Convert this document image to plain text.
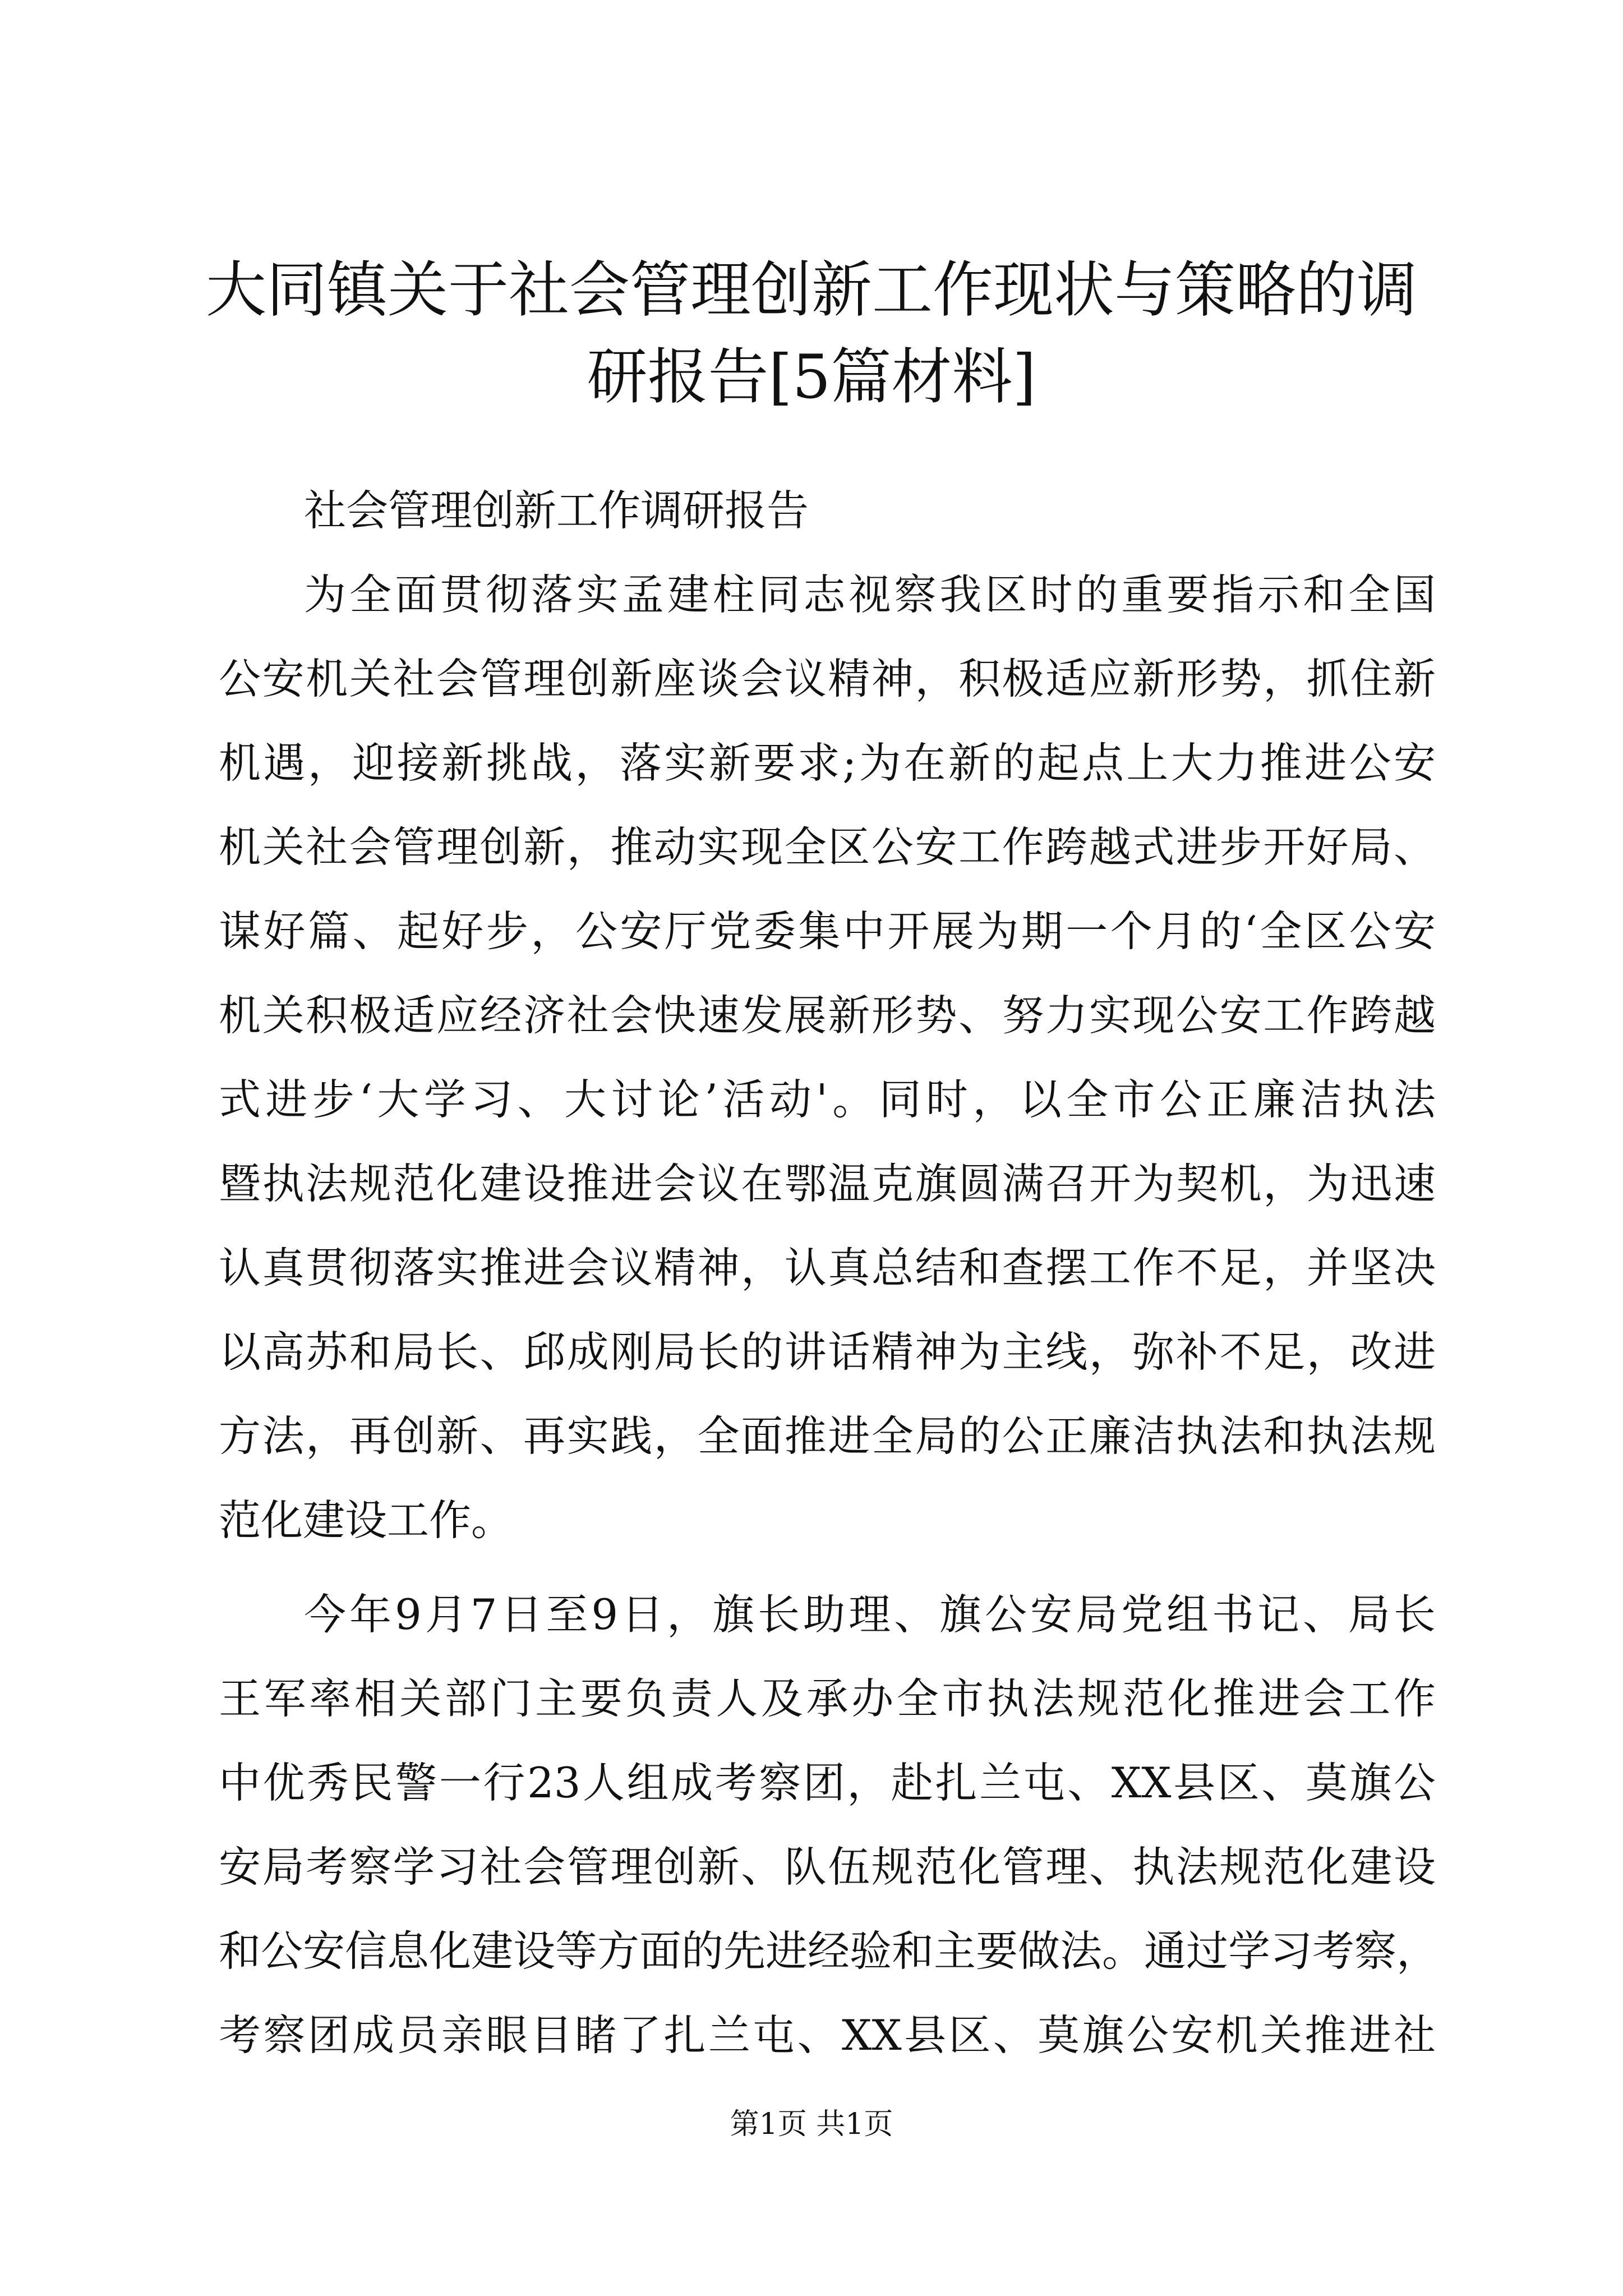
大同镇关于社会管理创新工作现状与策略的调
研报告[5篇材料]
社会管理创新工作调研报告
为全面贯彻落实孟建柱同志视察我区时的重要指示和全国
公安机关社会管理创新座谈会议精神，积极适应新形势，抓住新
机遇，迎接新挑战，落实新要求;为在新的起点上大力推进公安
机关社会管理创新，推动实现全区公安工作跨越式进步开好局、
谋好篇、起好步，公安厅党委集中开展为期一个月的‘全区公安
机关积极适应经济社会快速发展新形势、努力实现公安工作跨越
式进步‘大学习、大讨论’活动'。同时，以全市公正廉洁执法
暨执法规范化建设推进会议在鄂温克旗圆满召开为契机，为迅速
认真贯彻落实推进会议精神，认真总结和查摆工作不足，并坚决
以高苏和局长、邱成刚局长的讲话精神为主线，弥补不足，改进
方法，再创新、再实践，全面推进全局的公正廉洁执法和执法规
范化建设工作。
今年9月7日至9日，旗长助理、旗公安局党组书记、局长
王军率相关部门主要负责人及承办全市执法规范化推进会工作
中优秀民警一行23人组成考察团，赴扎兰屯、XX县区、莫旗公
安局考察学习社会管理创新、队伍规范化管理、执法规范化建设
和公安信息化建设等方面的先进经验和主要做法。通过学习考察，
考察团成员亲眼目睹了扎兰屯、XX县区、莫旗公安机关推进社
第1页 共1页
